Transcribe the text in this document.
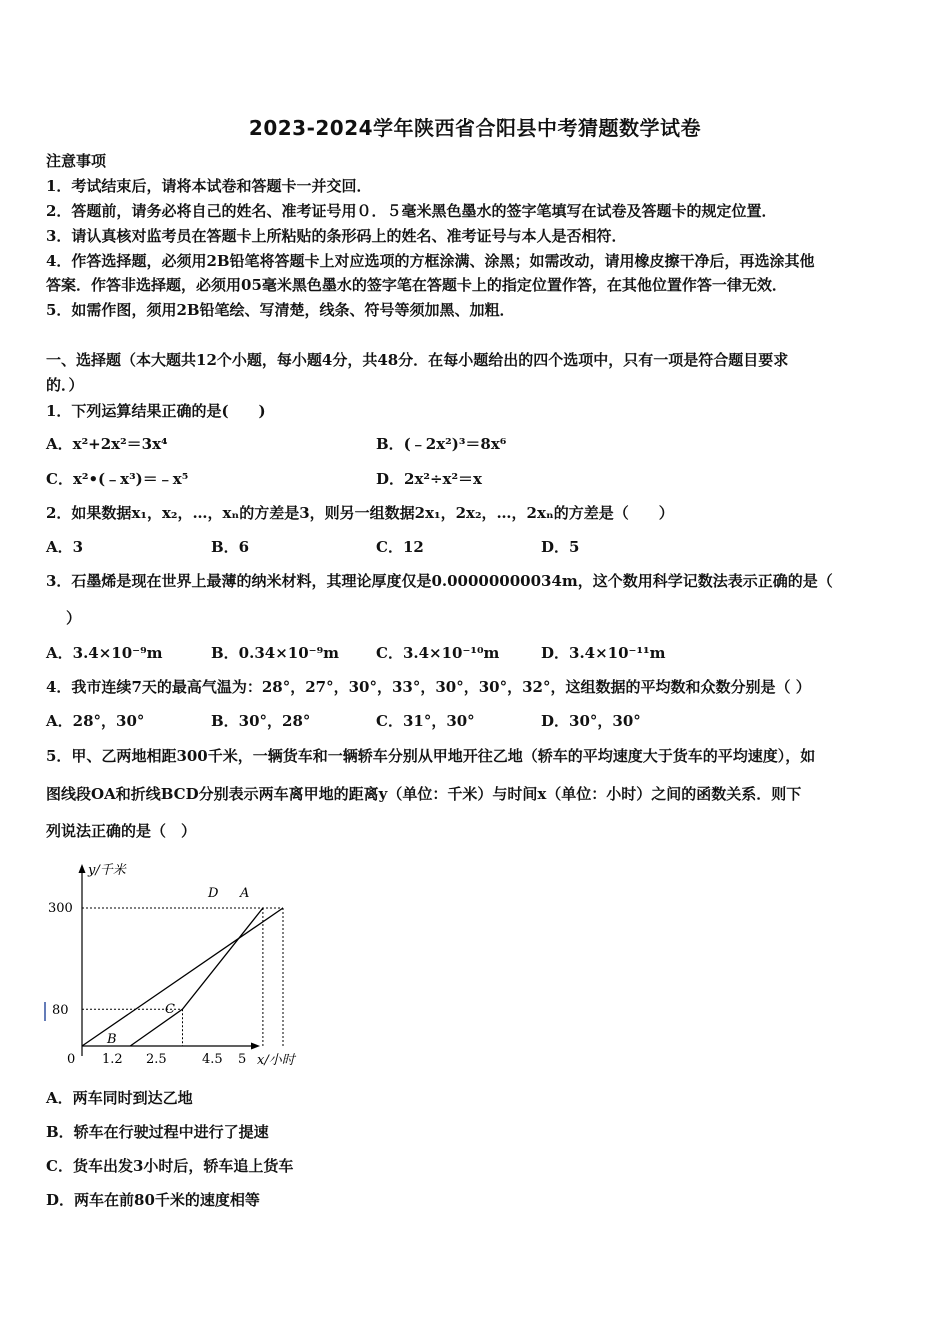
2023-2024学年陕西省合阳县中考猜题数学试卷
注意事项
1．考试结束后，请将本试卷和答题卡一并交回．
2．答题前，请务必将自己的姓名、准考证号用０．５毫米黑色墨水的签字笔填写在试卷及答题卡的规定位置．
3．请认真核对监考员在答题卡上所粘贴的条形码上的姓名、准考证号与本人是否相符．
4．作答选择题，必须用2B铅笔将答题卡上对应选项的方框涂满、涂黑；如需改动，请用橡皮擦干净后，再选涂其他
答案．作答非选择题，必须用05毫米黑色墨水的签字笔在答题卡上的指定位置作答，在其他位置作答一律无效．
5．如需作图，须用2B铅笔绘、写清楚，线条、符号等须加黑、加粗．
一、选择题（本大题共12个小题，每小题4分，共48分．在每小题给出的四个选项中，只有一项是符合题目要求
的．）
1．下列运算结果正确的是(　　)
A．x²+2x²＝3x⁴	B．(﹣2x²)³＝8x⁶
C．x²•(﹣x³)＝﹣x⁵	D．2x²÷x²＝x
2．如果数据x₁，x₂，…，xₙ的方差是3，则另一组数据2x₁，2x₂，…，2xₙ的方差是（　　）
A．3	B．6	C．12	D．5
3．石墨烯是现在世界上最薄的纳米材料，其理论厚度仅是0.00000000034m，这个数用科学记数法表示正确的是（
）
A．3.4×10⁻⁹m	B．0.34×10⁻⁹m C．3.4×10⁻¹⁰m	D．3.4×10⁻¹¹m
4．我市连续7天的最高气温为：28°，27°，30°，33°，30°，30°，32°，这组数据的平均数和众数分别是（ ）
A．28°，30°	B．30°，28°	C．31°，30°	D．30°，30°
5．甲、乙两地相距300千米，一辆货车和一辆轿车分别从甲地开往乙地（轿车的平均速度大于货车的平均速度），如
图线段OA和折线BCD分别表示两车离甲地的距离y（单位：千米）与时间x（单位：小时）之间的函数关系．则下
列说法正确的是（　）
y/千米
x/小时
0 1.2 2.5	4.5 5
300
80
D A
B
C
A．两车同时到达乙地
B．轿车在行驶过程中进行了提速
C．货车出发3小时后，轿车追上货车
D．两车在前80千米的速度相等
